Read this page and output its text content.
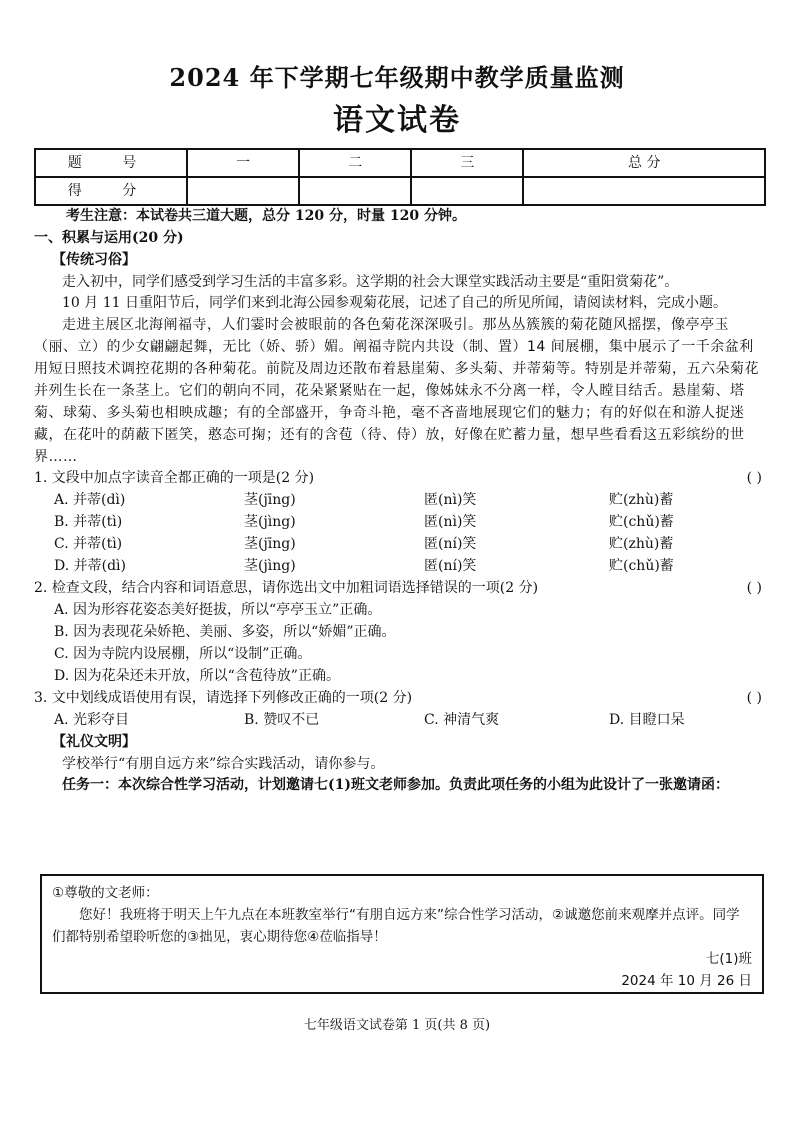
2024 年下学期七年级期中教学质量监测
语文试卷
题 号	一	二	三	总 分
得 分				
考生注意：本试卷共三道大题，总分 120 分，时量 120 分钟。
一、积累与运用(20 分)
【传统习俗】
走入初中，同学们感受到学习生活的丰富多彩。这学期的社会大课堂实践活动主要是“重阳赏菊花”。
10 月 11 日重阳节后，同学们来到北海公园参观菊花展，记述了自己的所见所闻，请阅读材料，完成小题。
走进主展区北海阐福寺，人们霎时会被眼前的各色菊花深深吸引。那丛丛簇簇的菊花随风摇摆，像亭亭玉（丽、立）的少女翩翩起舞，无比（娇、骄）媚。阐福寺院内共设（制、置）14 间展棚，集中展示了一千余盆利用短日照技术调控花期的各种菊花。前院及周边还散布着悬崖菊、多头菊、并蒂菊等。特别是并蒂菊，五六朵菊花并列生长在一条茎上。它们的朝向不同，花朵紧紧贴在一起，像姊妹永不分离一样，令人瞠目结舌。悬崖菊、塔菊、球菊、多头菊也相映成趣；有的全部盛开，争奇斗艳，毫不吝啬地展现它们的魅力；有的好似在和游人捉迷藏，在花叶的荫蔽下匿笑，憨态可掬；还有的含苞（待、侍）放，好像在贮蓄力量，想早些看看这五彩缤纷的世界……
1. 文段中加点字读音全都正确的一项是(2 分)	( )
A. 并蒂(dì)	茎(jīng)	匿(nì)笑	贮(zhù)蓄
B. 并蒂(tì)	茎(jìng)	匿(nì)笑	贮(chǔ)蓄
C. 并蒂(tì)	茎(jīng)	匿(ní)笑	贮(zhù)蓄
D. 并蒂(dì)	茎(jìng)	匿(ní)笑	贮(chǔ)蓄
2. 检查文段，结合内容和词语意思，请你选出文中加粗词语选择错误的一项(2 分)	( )
A. 因为形容花姿态美好挺拔，所以“亭亭玉立”正确。
B. 因为表现花朵娇艳、美丽、多姿，所以“娇媚”正确。
C. 因为寺院内设展棚，所以“设制”正确。
D. 因为花朵还未开放，所以“含苞待放”正确。
3. 文中划线成语使用有误，请选择下列修改正确的一项(2 分)	( )
A. 光彩夺目	B. 赞叹不已	C. 神清气爽	D. 目瞪口呆
【礼仪文明】
学校举行“有朋自远方来”综合实践活动，请你参与。
任务一：本次综合性学习活动，计划邀请七(1)班文老师参加。负责此项任务的小组为此设计了一张邀请函：
①尊敬的文老师：
您好！我班将于明天上午九点在本班教室举行“有朋自远方来”综合性学习活动，②诚邀您前来观摩并点评。同学们都特别希望聆听您的③拙见，衷心期待您④莅临指导！
七(1)班
2024 年 10 月 26 日
七年级语文试卷第 1 页(共 8 页)
